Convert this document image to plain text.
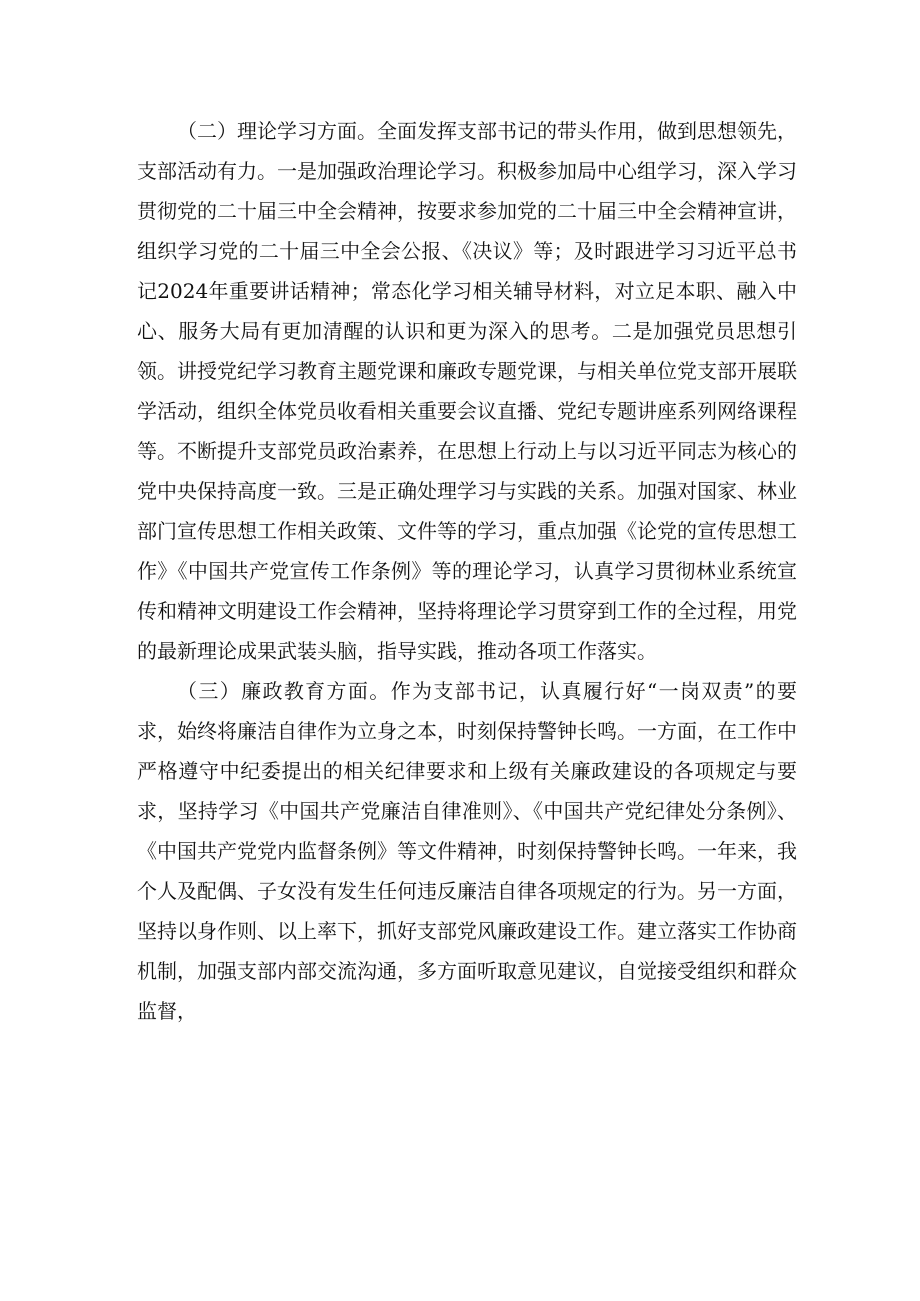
（二）理论学习方面。全面发挥支部书记的带头作用，做到思想领先，支部活动有力。一是加强政治理论学习。积极参加局中心组学习，深入学习贯彻党的二十届三中全会精神，按要求参加党的二十届三中全会精神宣讲，组织学习党的二十届三中全会公报、《决议》等；及时跟进学习习近平总书记2024年重要讲话精神；常态化学习相关辅导材料，对立足本职、融入中心、服务大局有更加清醒的认识和更为深入的思考。二是加强党员思想引领。讲授党纪学习教育主题党课和廉政专题党课，与相关单位党支部开展联学活动，组织全体党员收看相关重要会议直播、党纪专题讲座系列网络课程等。不断提升支部党员政治素养，在思想上行动上与以习近平同志为核心的党中央保持高度一致。三是正确处理学习与实践的关系。加强对国家、林业部门宣传思想工作相关政策、文件等的学习，重点加强《论党的宣传思想工作》《中国共产党宣传工作条例》等的理论学习，认真学习贯彻林业系统宣传和精神文明建设工作会精神，坚持将理论学习贯穿到工作的全过程，用党的最新理论成果武装头脑，指导实践，推动各项工作落实。

（三）廉政教育方面。作为支部书记，认真履行好“一岗双责”的要求，始终将廉洁自律作为立身之本，时刻保持警钟长鸣。一方面，在工作中严格遵守中纪委提出的相关纪律要求和上级有关廉政建设的各项规定与要求，坚持学习《中国共产党廉洁自律准则》、《中国共产党纪律处分条例》、《中国共产党党内监督条例》等文件精神，时刻保持警钟长鸣。一年来，我个人及配偶、子女没有发生任何违反廉洁自律各项规定的行为。另一方面，坚持以身作则、以上率下，抓好支部党风廉政建设工作。建立落实工作协商机制，加强支部内部交流沟通，多方面听取意见建议，自觉接受组织和群众监督，
